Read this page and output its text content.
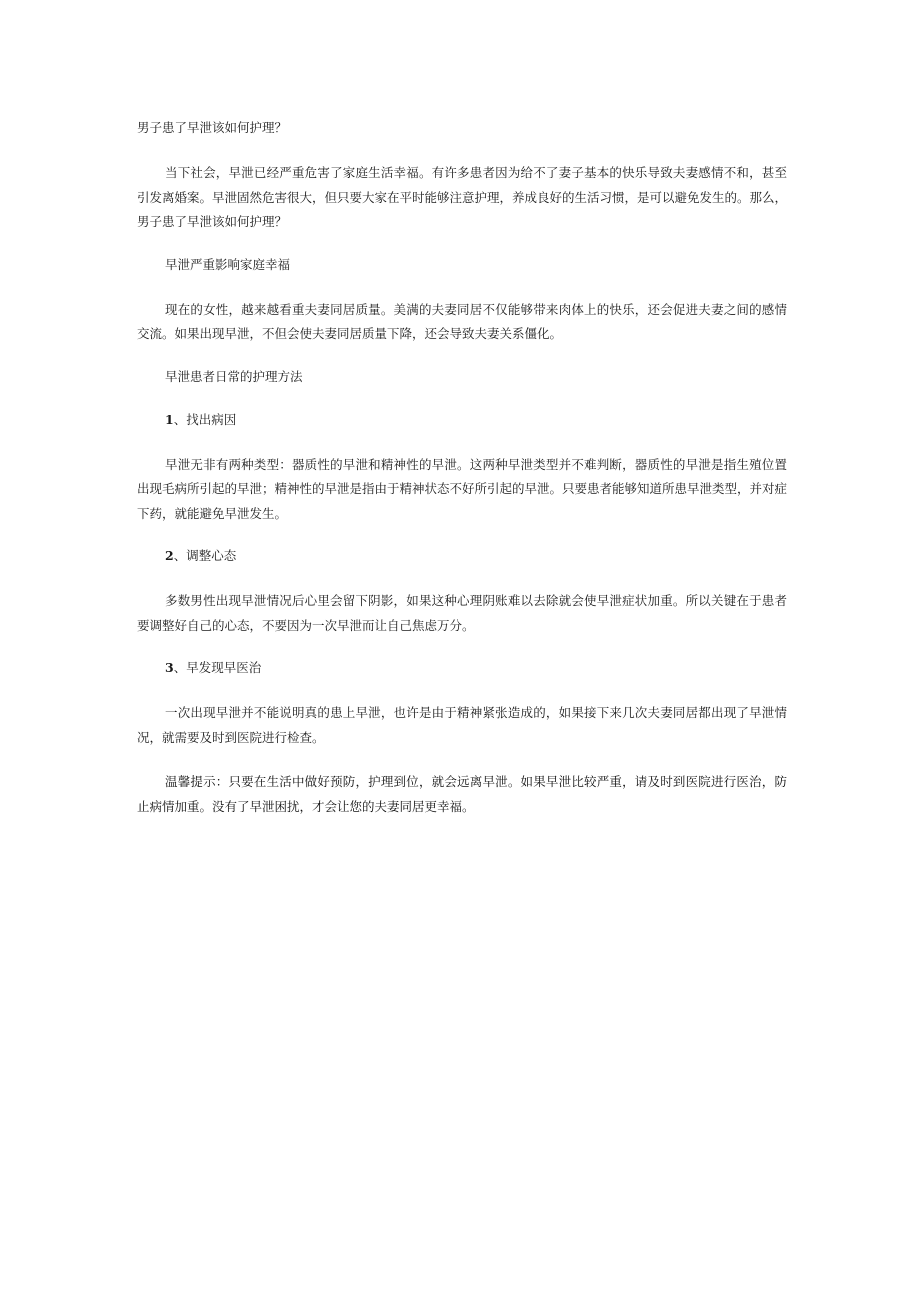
男子患了早泄该如何护理？

当下社会，早泄已经严重危害了家庭生活幸福。有许多患者因为给不了妻子基本的快乐导致夫妻感情不和，甚至引发离婚案。早泄固然危害很大，但只要大家在平时能够注意护理，养成良好的生活习惯，是可以避免发生的。那么，男子患了早泄该如何护理？

早泄严重影响家庭幸福

现在的女性，越来越看重夫妻同居质量。美满的夫妻同居不仅能够带来肉体上的快乐，还会促进夫妻之间的感情交流。如果出现早泄，不但会使夫妻同居质量下降，还会导致夫妻关系僵化。

早泄患者日常的护理方法

1、找出病因

早泄无非有两种类型：器质性的早泄和精神性的早泄。这两种早泄类型并不难判断，器质性的早泄是指生殖位置出现毛病所引起的早泄；精神性的早泄是指由于精神状态不好所引起的早泄。只要患者能够知道所患早泄类型，并对症下药，就能避免早泄发生。

2、调整心态

多数男性出现早泄情况后心里会留下阴影，如果这种心理阴账难以去除就会使早泄症状加重。所以关键在于患者要调整好自己的心态，不要因为一次早泄而让自己焦虑万分。

3、早发现早医治

一次出现早泄并不能说明真的患上早泄，也许是由于精神紧张造成的，如果接下来几次夫妻同居都出现了早泄情况，就需要及时到医院进行检查。

温馨提示：只要在生活中做好预防，护理到位，就会远离早泄。如果早泄比较严重，请及时到医院进行医治，防止病情加重。没有了早泄困扰，才会让您的夫妻同居更幸福。
